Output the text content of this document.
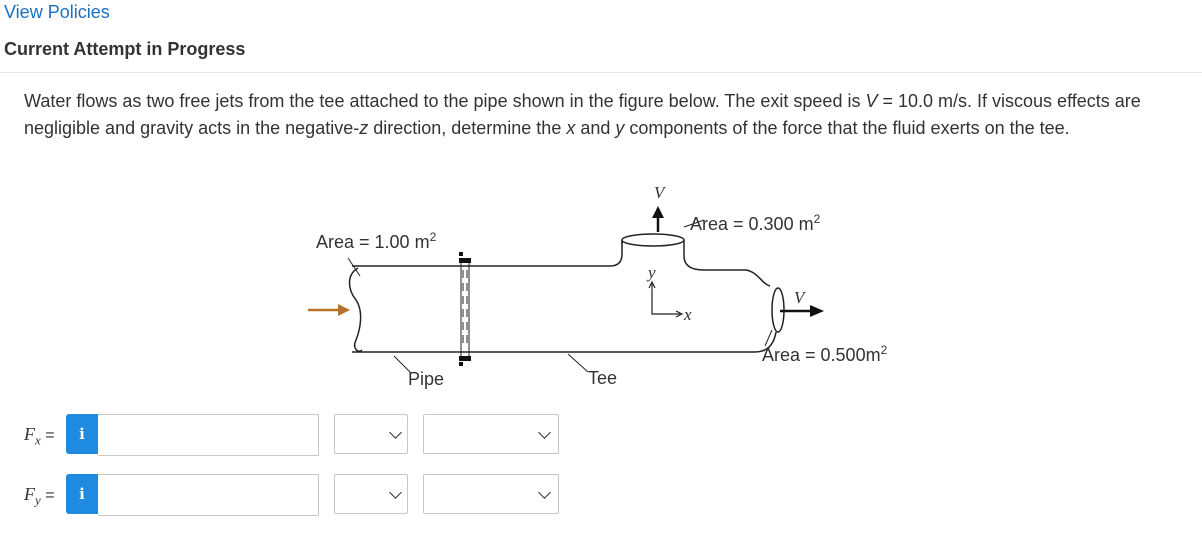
View Policies
Current Attempt in Progress
Water flows as two free jets from the tee attached to the pipe shown in the figure below. The exit speed is V = 10.0 m/s. If viscous effects are negligible and gravity acts in the negative-z direction, determine the x and y components of the force that the fluid exerts on the tee.
Area = 1.00 $m^2$
Area = 0.300 $m^2$
Area = $0.500m^2$
Pipe	Tee
V
V
y
x
$F_x = i$
$F_y = i$
